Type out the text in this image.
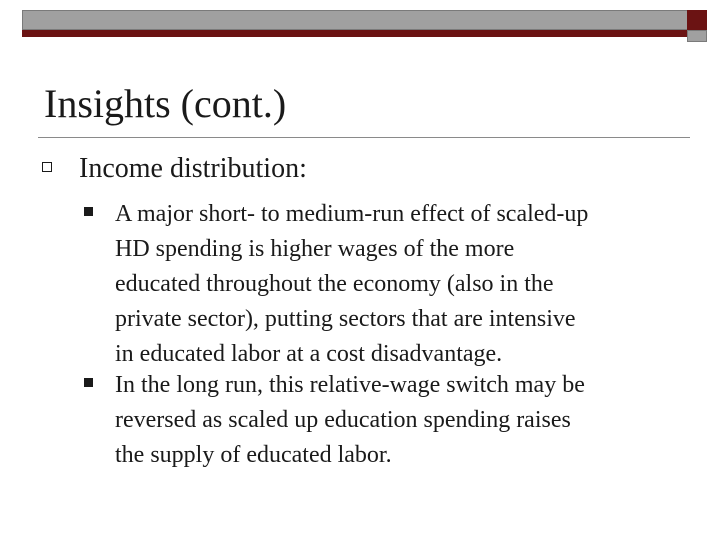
Insights (cont.)
Income distribution:
A major short- to medium-run effect of scaled-up
HD spending is higher wages of the more
educated throughout the economy (also in the
private sector), putting sectors that are intensive
in educated labor at a cost disadvantage.
In the long run, this relative-wage switch may be
reversed as scaled up education spending raises
the supply of educated labor.
